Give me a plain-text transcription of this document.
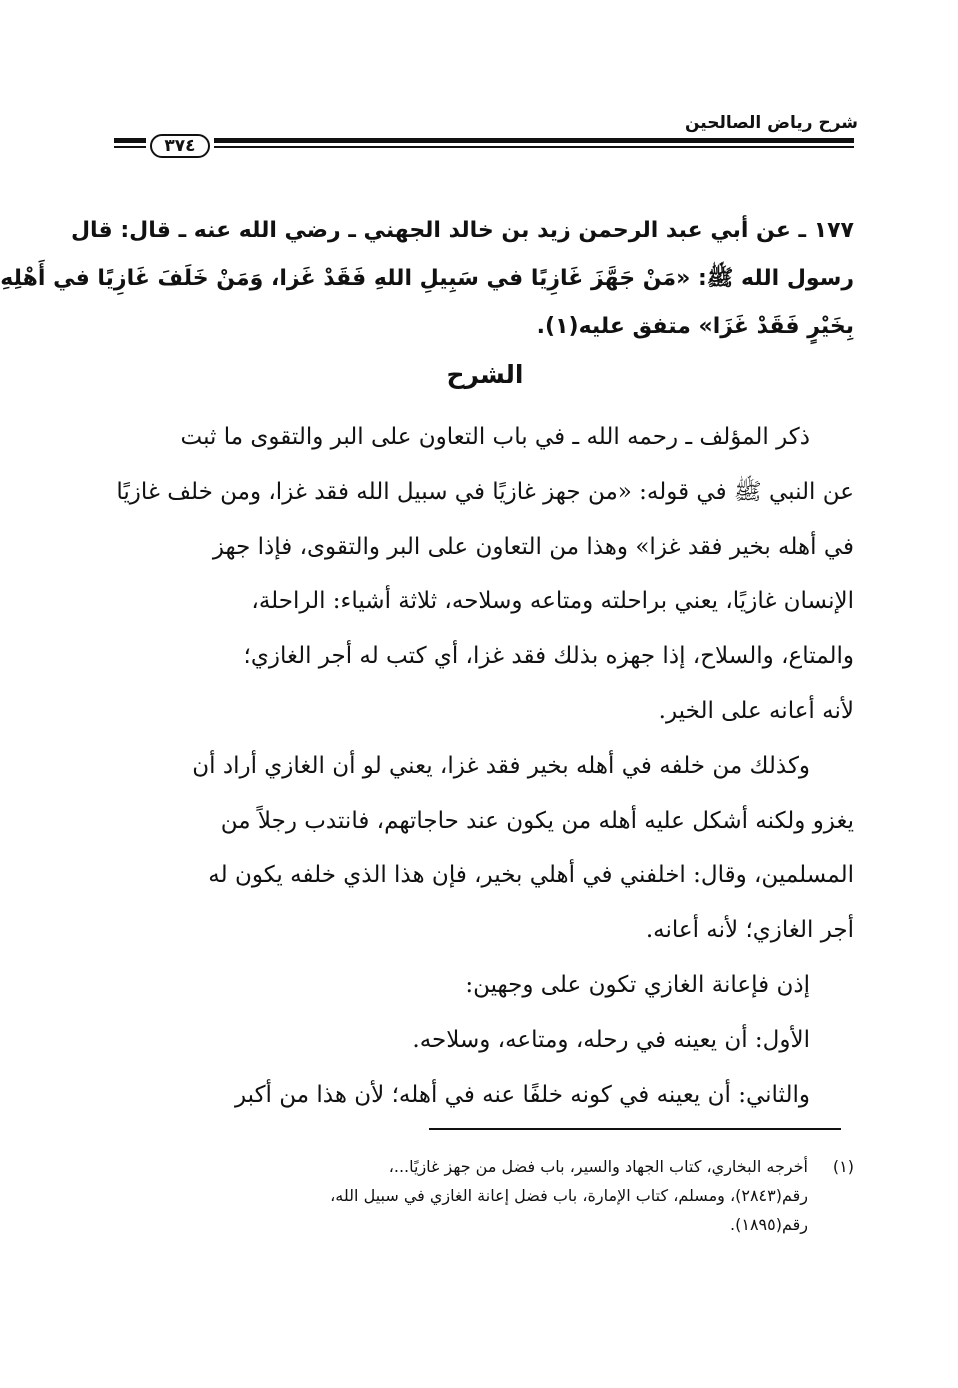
شرح رياض الصالحين
٣٧٤
١٧٧ ـ عن أبي عبد الرحمن زيد بن خالد الجهني ـ رضي الله عنه ـ قال: قال
رسول الله ﷺ: «مَنْ جَهَّزَ غَازِيًا في سَبِيلِ اللهِ فَقَدْ غَزا، وَمَنْ خَلَفَ غَازِيًا في أَهْلِهِ
بِخَيْرٍ فَقَدْ غَزَا» متفق عليه(١).
الشرح
ذكر المؤلف ـ رحمه الله ـ في باب التعاون على البر والتقوى ما ثبت
عن النبي ﷺ في قوله: «من جهز غازيًا في سبيل الله فقد غزا، ومن خلف غازيًا
في أهله بخير فقد غزا» وهذا من التعاون على البر والتقوى، فإذا جهز
الإنسان غازيًا، يعني براحلته ومتاعه وسلاحه، ثلاثة أشياء: الراحلة،
والمتاع، والسلاح، إذا جهزه بذلك فقد غزا، أي كتب له أجر الغازي؛
لأنه أعانه على الخير.
وكذلك من خلفه في أهله بخير فقد غزا، يعني لو أن الغازي أراد أن
يغزو ولكنه أشكل عليه أهله من يكون عند حاجاتهم، فانتدب رجلاً من
المسلمين، وقال: اخلفني في أهلي بخير، فإن هذا الذي خلفه يكون له
أجر الغازي؛ لأنه أعانه.
إذن فإعانة الغازي تكون على وجهين:
الأول: أن يعينه في رحله، ومتاعه، وسلاحه.
والثاني: أن يعينه في كونه خلفًا عنه في أهله؛ لأن هذا من أكبر
(١)
أخرجه البخاري، كتاب الجهاد والسير، باب فضل من جهز غازيًا...،
رقم(٢٨٤٣)، ومسلم، كتاب الإمارة، باب فضل إعانة الغازي في سبيل الله،
رقم(١٨٩٥).
